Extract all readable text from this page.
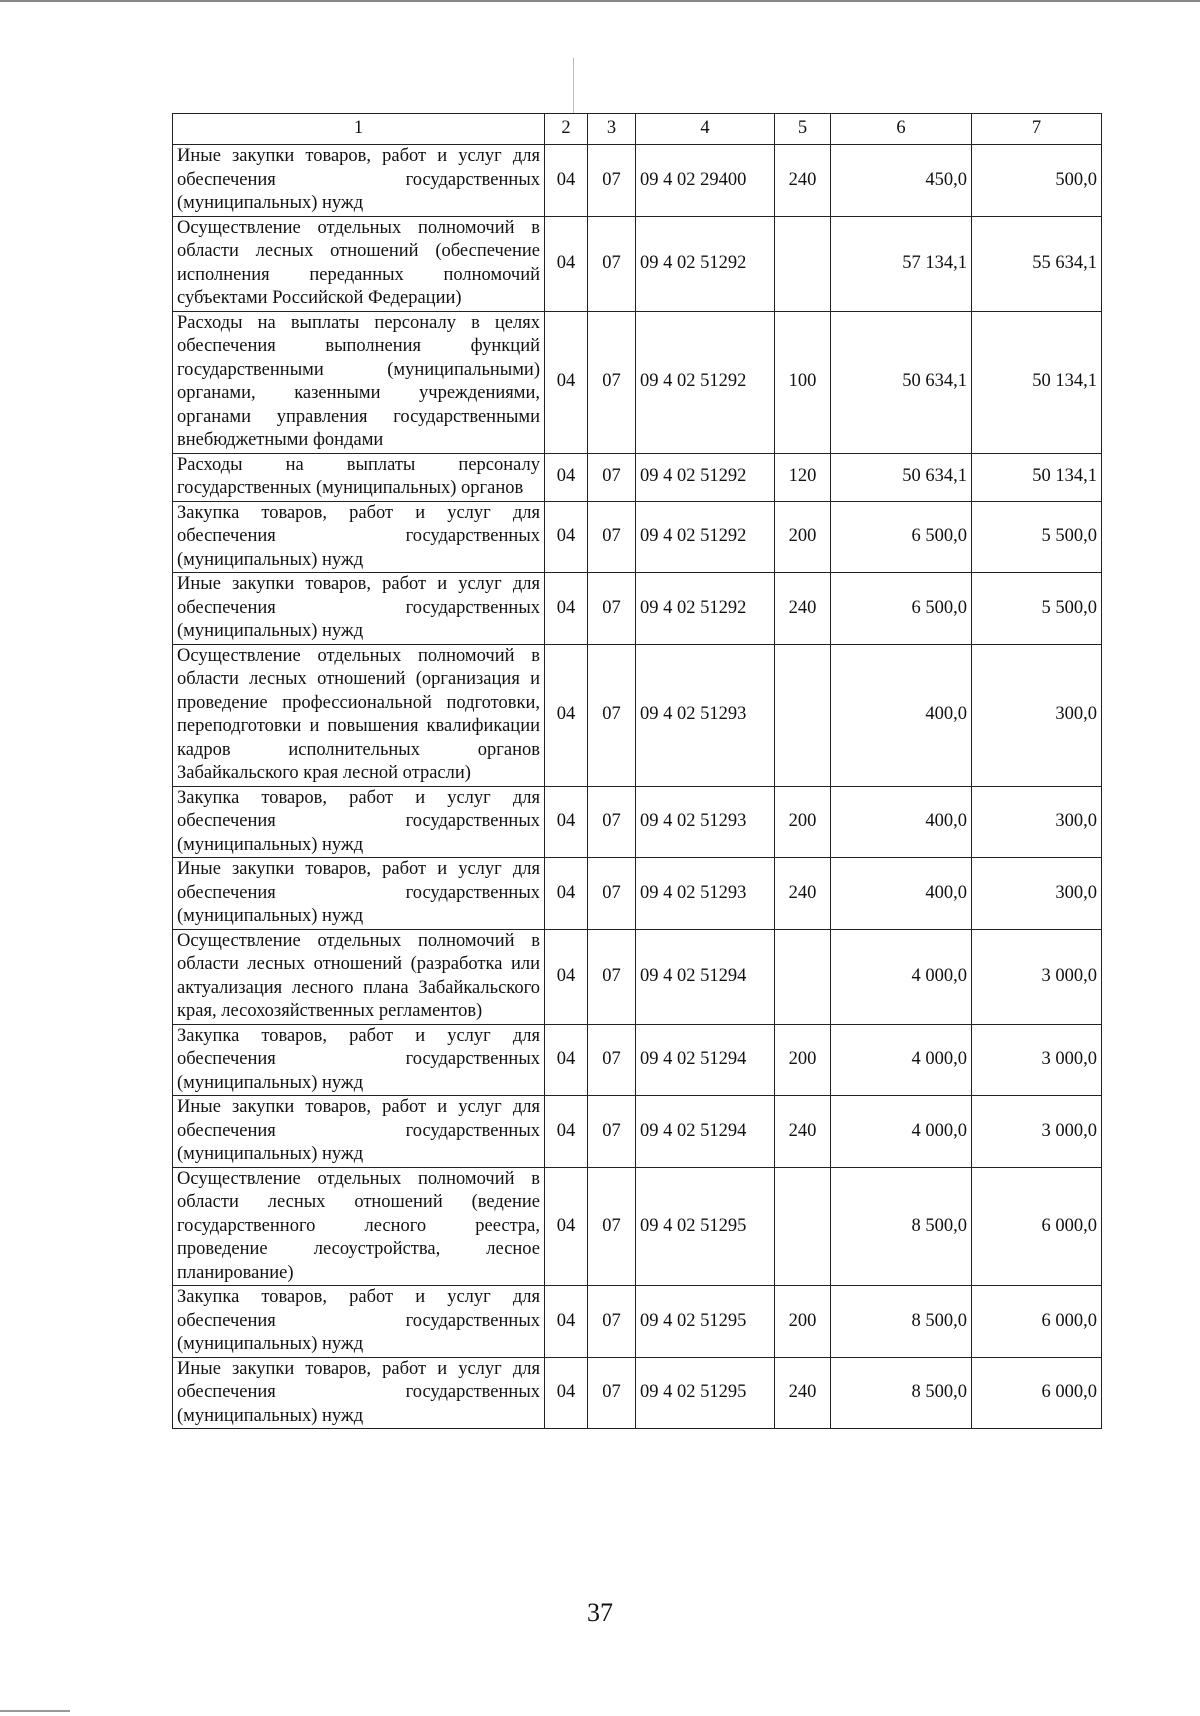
1	2	3	4	5	6	7
Иные закупки товаров, работ и услуг для обеспечения государственных (муниципальных) нужд	04	07	09 4 02 29400	240	450,0	500,0
Осуществление отдельных полномочий в области лесных отношений (обеспечение исполнения переданных полномочий субъектами Российской Федерации)	04	07	09 4 02 51292		57 134,1	55 634,1
Расходы на выплаты персоналу в целях обеспечения выполнения функций государственными (муниципальными) органами, казенными учреждениями, органами управления государственными внебюджетными фондами	04	07	09 4 02 51292	100	50 634,1	50 134,1
Расходы на выплаты персоналу государственных (муниципальных) органов	04	07	09 4 02 51292	120	50 634,1	50 134,1
Закупка товаров, работ и услуг для обеспечения государственных (муниципальных) нужд	04	07	09 4 02 51292	200	6 500,0	5 500,0
Иные закупки товаров, работ и услуг для обеспечения государственных (муниципальных) нужд	04	07	09 4 02 51292	240	6 500,0	5 500,0
Осуществление отдельных полномочий в области лесных отношений (организация и проведение профессиональной подготовки, переподготовки и повышения квалификации кадров исполнительных органов Забайкальского края лесной отрасли)	04	07	09 4 02 51293		400,0	300,0
Закупка товаров, работ и услуг для обеспечения государственных (муниципальных) нужд	04	07	09 4 02 51293	200	400,0	300,0
Иные закупки товаров, работ и услуг для обеспечения государственных (муниципальных) нужд	04	07	09 4 02 51293	240	400,0	300,0
Осуществление отдельных полномочий в области лесных отношений (разработка или актуализация лесного плана Забайкальского края, лесохозяйственных регламентов)	04	07	09 4 02 51294		4 000,0	3 000,0
Закупка товаров, работ и услуг для обеспечения государственных (муниципальных) нужд	04	07	09 4 02 51294	200	4 000,0	3 000,0
Иные закупки товаров, работ и услуг для обеспечения государственных (муниципальных) нужд	04	07	09 4 02 51294	240	4 000,0	3 000,0
Осуществление отдельных полномочий в области лесных отношений (ведение государственного лесного реестра, проведение лесоустройства, лесное планирование)	04	07	09 4 02 51295		8 500,0	6 000,0
Закупка товаров, работ и услуг для обеспечения государственных (муниципальных) нужд	04	07	09 4 02 51295	200	8 500,0	6 000,0
Иные закупки товаров, работ и услуг для обеспечения государственных (муниципальных) нужд	04	07	09 4 02 51295	240	8 500,0	6 000,0
37
